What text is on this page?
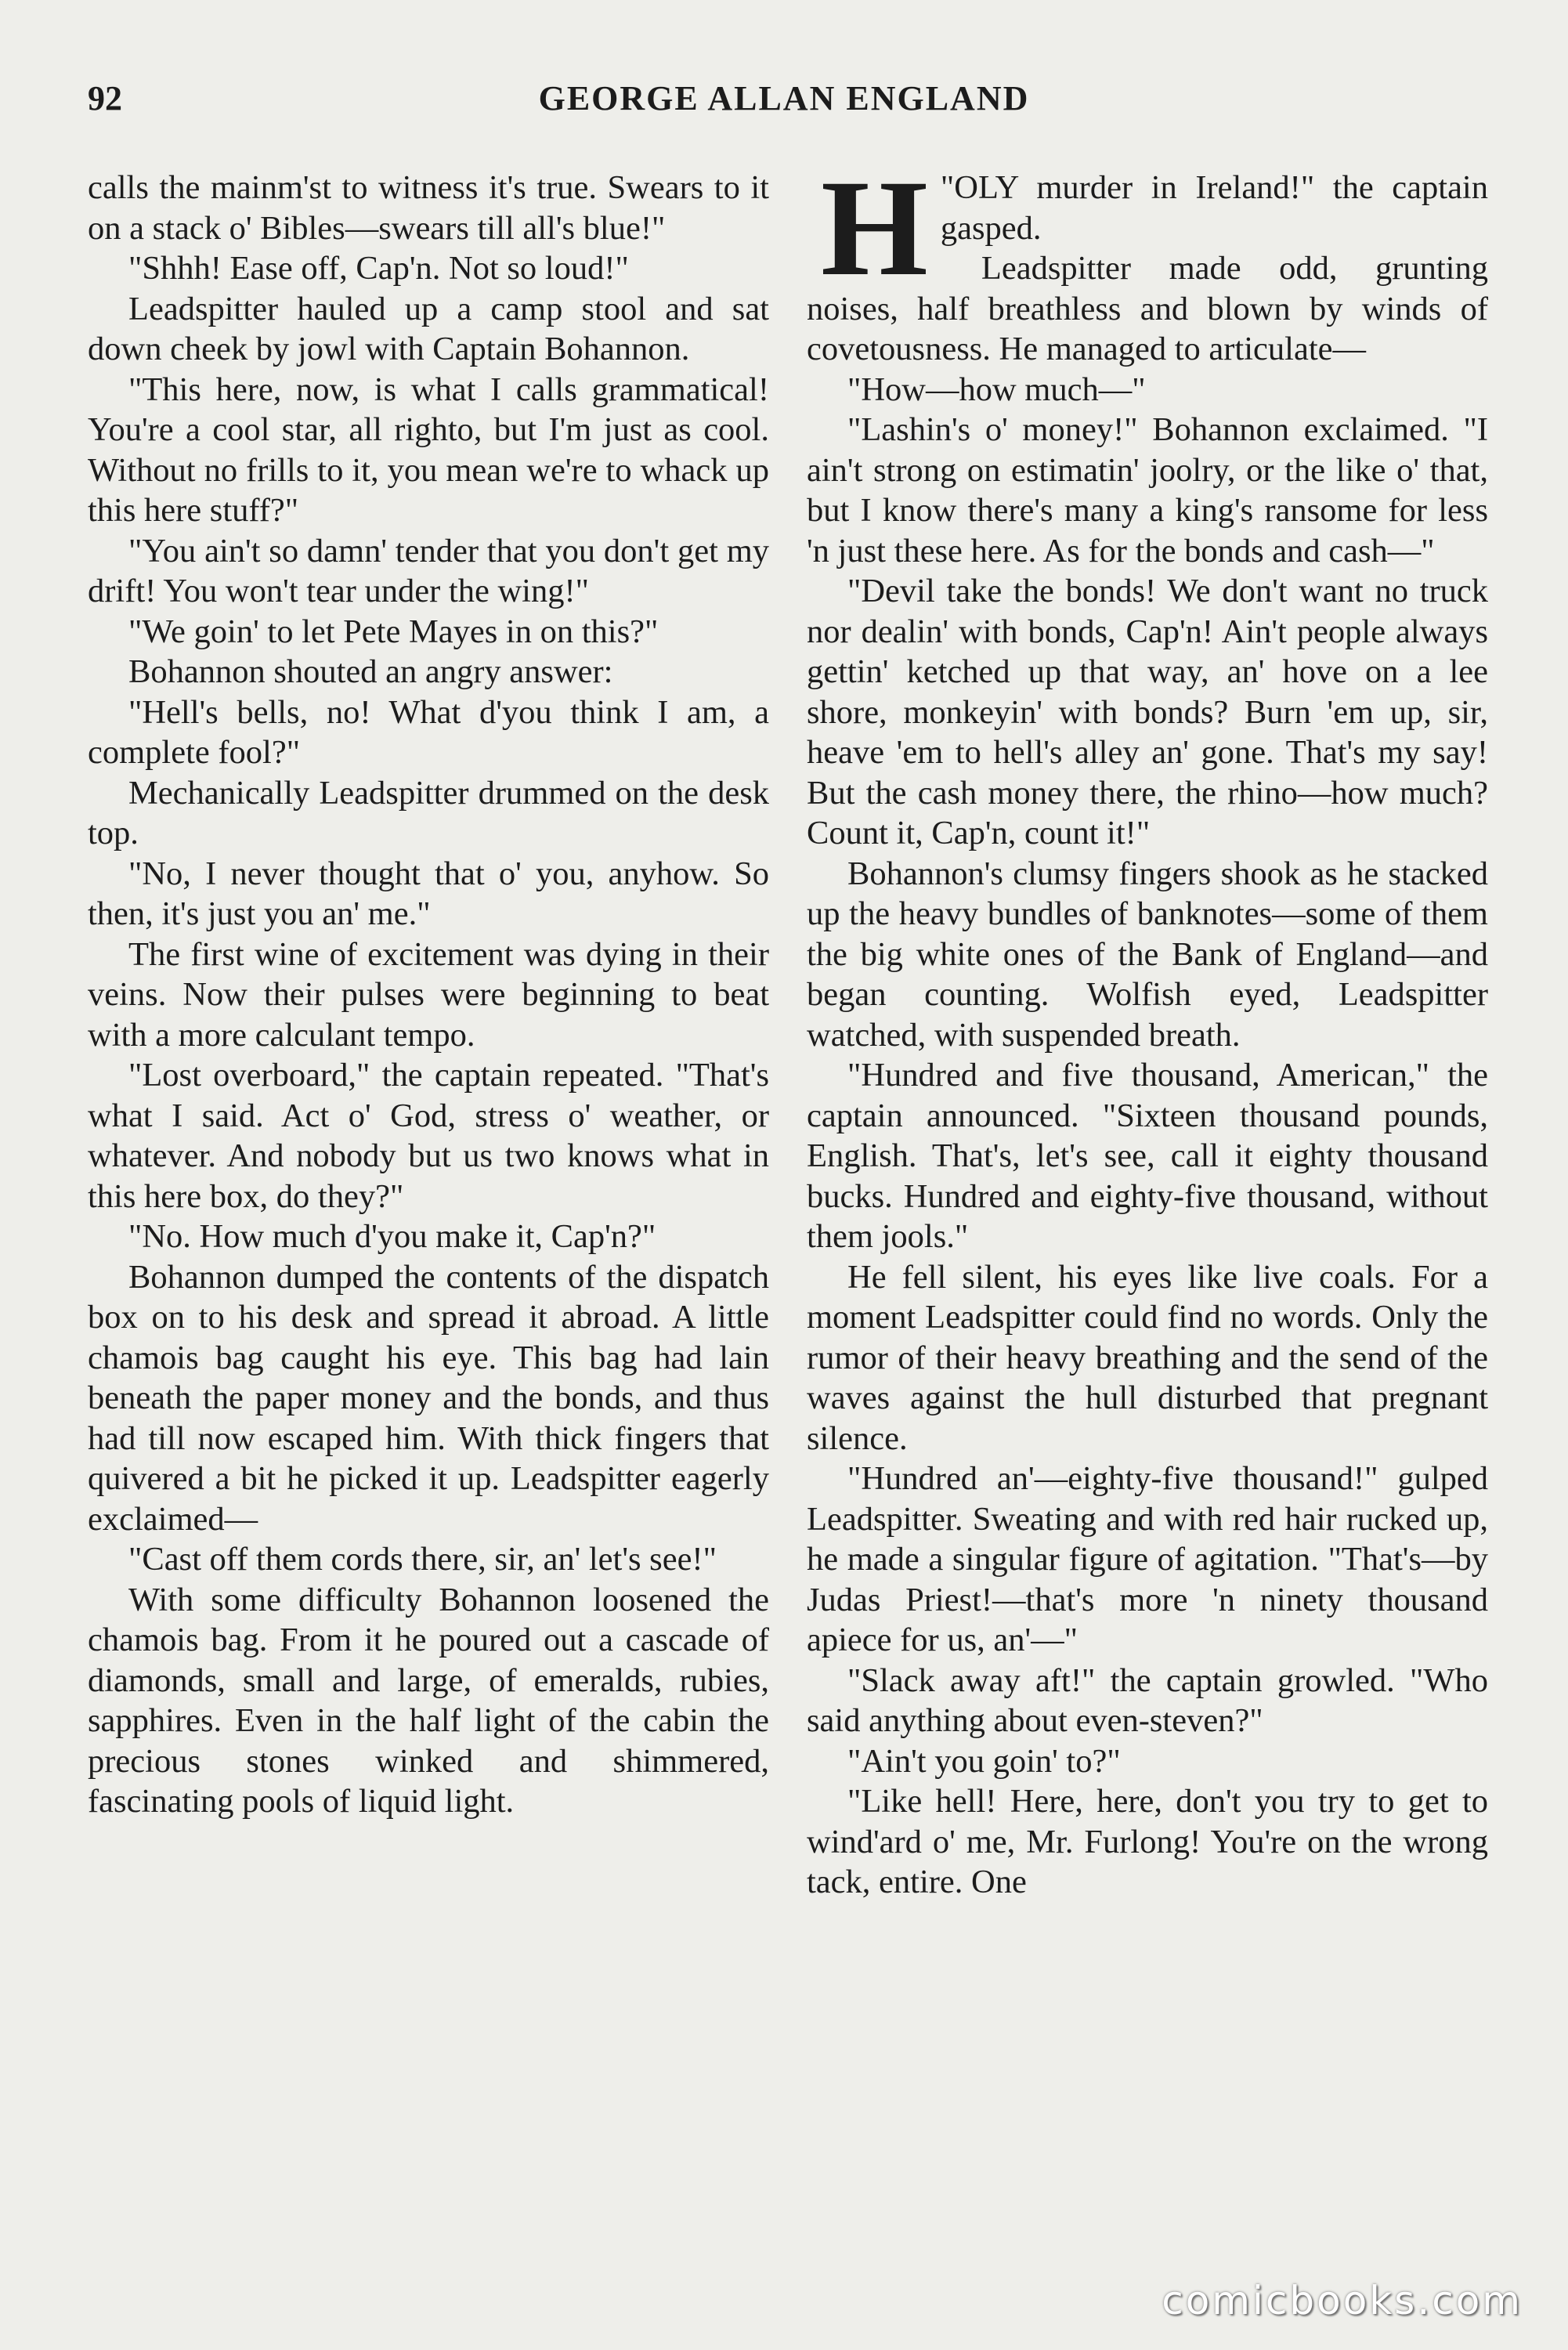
92	GEORGE ALLAN ENGLAND

calls the mainm'st to witness it's true. Swears to it on a stack o' Bibles—swears till all's blue!"

"Shhh! Ease off, Cap'n. Not so loud!"

Leadspitter hauled up a camp stool and sat down cheek by jowl with Captain Bohannon.

"This here, now, is what I calls grammatical! You're a cool star, all righto, but I'm just as cool. Without no frills to it, you mean we're to whack up this here stuff?"

"You ain't so damn' tender that you don't get my drift! You won't tear under the wing!"

"We goin' to let Pete Mayes in on this?"

Bohannon shouted an angry answer:

"Hell's bells, no! What d'you think I am, a complete fool?"

Mechanically Leadspitter drummed on the desk top.

"No, I never thought that o' you, anyhow. So then, it's just you an' me."

The first wine of excitement was dying in their veins. Now their pulses were beginning to beat with a more calculant tempo.

"Lost overboard," the captain repeated. "That's what I said. Act o' God, stress o' weather, or whatever. And nobody but us two knows what in this here box, do they?"

"No. How much d'you make it, Cap'n?"

Bohannon dumped the contents of the dispatch box on to his desk and spread it abroad. A little chamois bag caught his eye. This bag had lain beneath the paper money and the bonds, and thus had till now escaped him. With thick fingers that quivered a bit he picked it up. Leadspitter eagerly exclaimed—

"Cast off them cords there, sir, an' let's see!"

With some difficulty Bohannon loosened the chamois bag. From it he poured out a cascade of diamonds, small and large, of emeralds, rubies, sapphires. Even in the half light of the cabin the precious stones winked and shimmered, fascinating pools of liquid light.

"
H OLY murder in Ireland!" the captain gasped.

Leadspitter made odd, grunting noises, half breathless and blown by winds of covetousness. He managed to articulate—

"How—how much—"

"Lashin's o' money!" Bohannon exclaimed. "I ain't strong on estimatin' joolry, or the like o' that, but I know there's many a king's ransome for less 'n just these here. As for the bonds and cash—"

"Devil take the bonds! We don't want no truck nor dealin' with bonds, Cap'n! Ain't people always gettin' ketched up that way, an' hove on a lee shore, monkeyin' with bonds? Burn 'em up, sir, heave 'em to hell's alley an' gone. That's my say! But the cash money there, the rhino—how much? Count it, Cap'n, count it!"

Bohannon's clumsy fingers shook as he stacked up the heavy bundles of banknotes—some of them the big white ones of the Bank of England—and began counting. Wolfish eyed, Leadspitter watched, with suspended breath.

"Hundred and five thousand, American," the captain announced. "Sixteen thousand pounds, English. That's, let's see, call it eighty thousand bucks. Hundred and eighty-five thousand, without them jools."

He fell silent, his eyes like live coals. For a moment Leadspitter could find no words. Only the rumor of their heavy breathing and the send of the waves against the hull disturbed that pregnant silence.

"Hundred an'—eighty-five thousand!" gulped Leadspitter. Sweating and with red hair rucked up, he made a singular figure of agitation. "That's—by Judas Priest!—that's more 'n ninety thousand apiece for us, an'—"

"Slack away aft!" the captain growled. "Who said anything about even-steven?"

"Ain't you goin' to?"

"Like hell! Here, here, don't you try to get to wind'ard o' me, Mr. Furlong! You're on the wrong tack, entire. One

comicbooks.com
